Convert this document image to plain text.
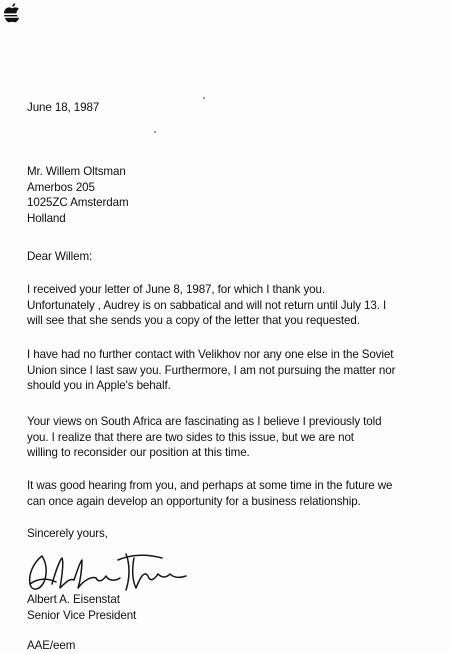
June 18, 1987
Mr. Willem Oltsman
Amerbos 205
1025ZC Amsterdam
Holland
Dear Willem:
I received your letter of June 8, 1987, for which I thank you.
Unfortunately , Audrey is on sabbatical and will not return until July 13. I
will see that she sends you a copy of the letter that you requested.
I have had no further contact with Velikhov nor any one else in the Soviet
Union since I last saw you. Furthermore, I am not pursuing the matter nor
should you in Apple's behalf.
Your views on South Africa are fascinating as I believe I previously told
you. I realize that there are two sides to this issue, but we are not
willing to reconsider our position at this time.
It was good hearing from you, and perhaps at some time in the future we
can once again develop an opportunity for a business relationship.
Sincerely yours,
Albert A. Eisenstat
Senior Vice President
AAE/eem
